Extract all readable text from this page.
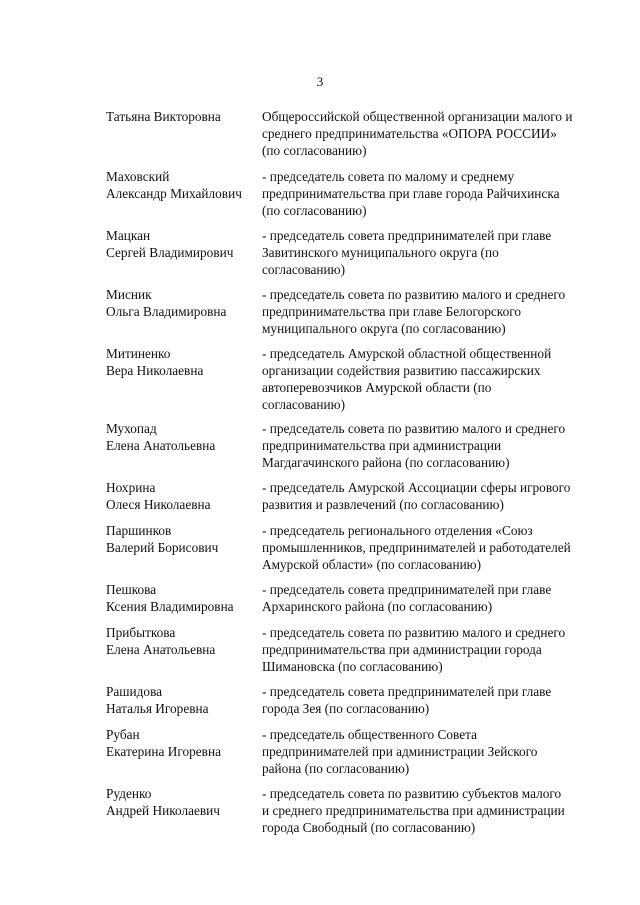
3
Татьяна Викторовна	Общероссийской общественной организации малого и
среднего предпринимательства «ОПОРА РОССИИ»
(по согласованию)
Маховский
Александр Михайлович
- председатель совета по малому и среднему
предпринимательства при главе города Райчихинска
(по согласованию)
Мацкан
Сергей Владимирович
- председатель совета предпринимателей при главе
Завитинского муниципального округа (по
согласованию)
Мисник
Ольга Владимировна
- председатель совета по развитию малого и среднего
предпринимательства при главе Белогорского
муниципального округа (по согласованию)
Митиненко
Вера Николаевна
- председатель Амурской областной общественной
организации содействия развитию пассажирских
автоперевозчиков Амурской области (по
согласованию)
Мухопад
Елена Анатольевна
- председатель совета по развитию малого и среднего
предпринимательства при администрации
Магдагачинского района (по согласованию)
Нохрина
Олеся Николаевна
- председатель Амурской Ассоциации сферы игрового
развития и развлечений (по согласованию)
Паршинков
Валерий Борисович
- председатель регионального отделения «Союз
промышленников, предпринимателей и работодателей
Амурской области» (по согласованию)
Пешкова
Ксения Владимировна
- председатель совета предпринимателей при главе
Архаринского района (по согласованию)
Прибыткова
Елена Анатольевна
- председатель совета по развитию малого и среднего
предпринимательства при администрации города
Шимановска (по согласованию)
Рашидова
Наталья Игоревна
- председатель совета предпринимателей при главе
города Зея (по согласованию)
Рубан
Екатерина Игоревна
- председатель общественного Совета
предпринимателей при администрации Зейского
района (по согласованию)
Руденко
Андрей Николаевич
- председатель совета по развитию субъектов малого
и среднего предпринимательства при администрации
города Свободный (по согласованию)
